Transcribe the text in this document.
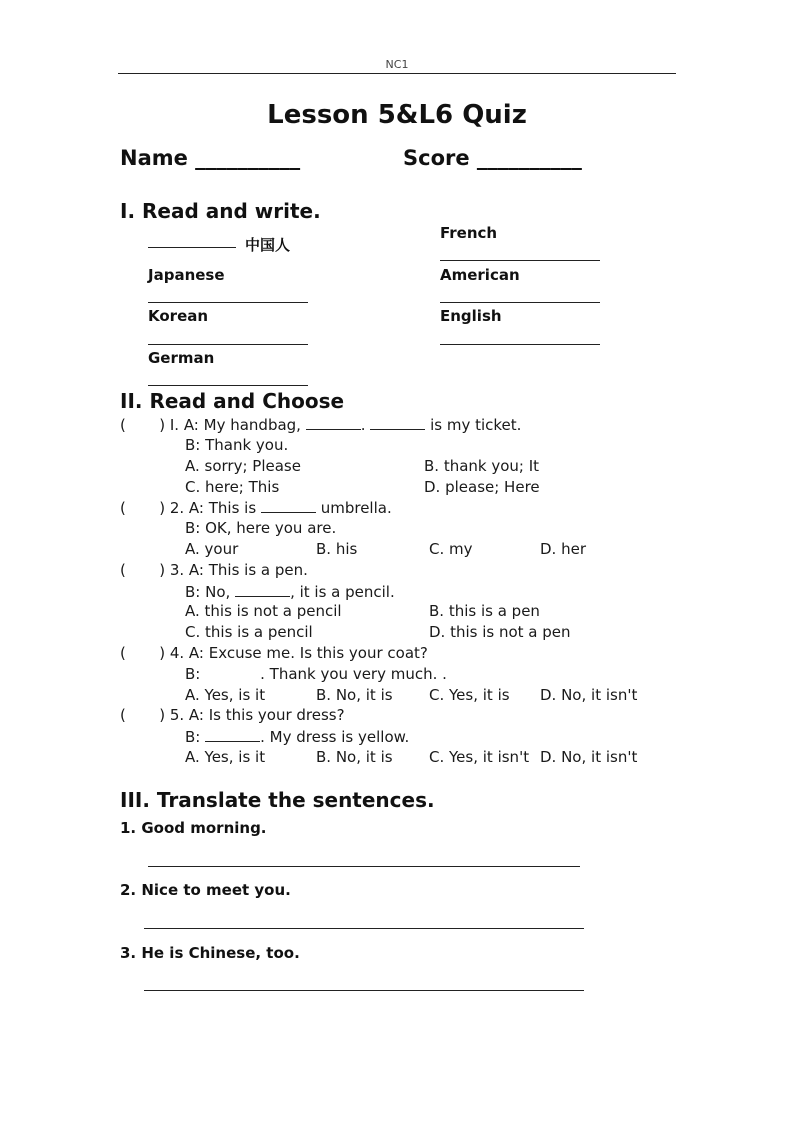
NC1
Lesson 5&L6 Quiz
Name __________	Score __________
I. Read and write.
中国人
French
Japanese	American
Korean	English
German
II. Read and Choose
(       ) I. A: My handbag,	.	is my ticket.
B: Thank you.
A. sorry; Please	B. thank you; It
C. here; This	D. please; Here
(       ) 2. A: This is	umbrella.
B: OK, here you are.
A. your	B. his	C. my	D. her
(       ) 3. A: This is a pen.
B: No,	, it is a pencil.
A. this is not a pencil	B. this is a pen
C. this is a pencil	D. this is not a pen
(       ) 4. A: Excuse me. Is this your coat?
B:	. Thank you very much. .
A. Yes, is it	B. No, it is C. Yes, it is D. No, it isn't
(       ) 5. A: Is this your dress?
B:	. My dress is yellow.
A. Yes, is it	B. No, it is C. Yes, it isn't D. No, it isn't
III. Translate the sentences.
1. Good morning.
2. Nice to meet you.
3. He is Chinese, too.
